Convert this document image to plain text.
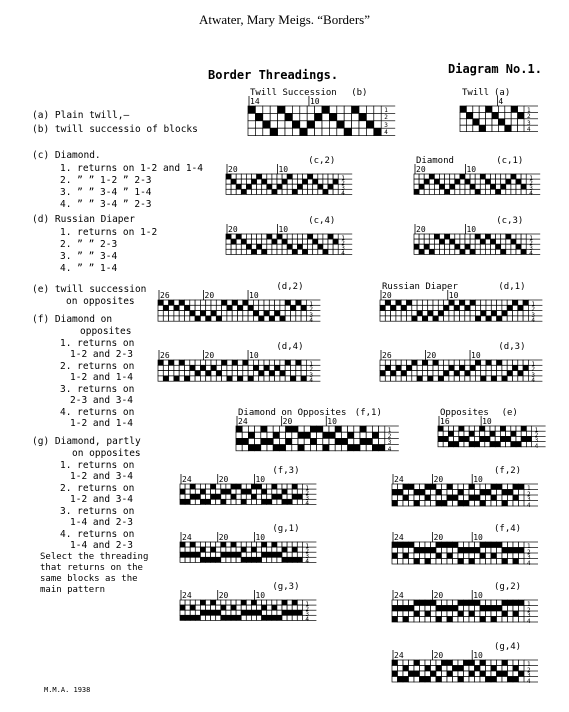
Atwater, Mary Meigs. “Borders”
Border Threadings.	Diagram No.1.
(a) Plain twill,—
(b) twill successio of blocks
(c) Diamond.
1. returns on 1-2 and 1-4
2. ” ” 1-2 ” 2-3
3. ” ” 3-4 ” 1-4
4. ” ” 3-4 ” 2-3
(d) Russian Diaper
1. returns on 1-2
2. ” ” 2-3
3. ” ” 3-4
4. ” ” 1-4
(e) twill succession
on opposites
(f) Diamond on
opposites
1. returns on
1-2 and 2-3
2. returns on
1-2 and 1-4
3. returns on
2-3 and 3-4
4. returns on
1-2 and 1-4
(g) Diamond, partly
on opposites
1. returns on
1-2 and 3-4
2. returns on
1-2 and 3-4
3. returns on
1-4 and 2-3
4. returns on
1-4 and 2-3
Select the threading
that returns on the
same blocks as the
main pattern
M.M.A. 1938
Twill Succession (b)
14	10
1
2
3
4
Twill (a)
4
1
2
3
4
(c,2)
20	10
1
2
3
4
Diamond	(c,1)
20	10
1
2
3
4
(c,4)
20	10
1
2
3
4
(c,3)
20	10
1
2
3
4
(d,2)
26	20	10
1
2
3
4
Russian Diaper	(d,1)
20	10
1
2
3
4
(d,4)
26	20	10
1
2
3
4
(d,3)
26	20	10
1
2
3
4
Diamond on Opposites (f,1)
24	20	10
1
2
3
4
Opposites (e)
16	10
1
2
3
4
(f,3)
24	20	10
1
2
3
4
(f,2)
24	20	10
1
2
3
4
(g,1)
24	20	10
1
2
3
4
(f,4)
24	20	10
1
2
3
4
(g,3)
24	20	10
1
2
3
4
(g,2)
24	20	10
1
2
3
4
(g,4)
24	20	10
1
2
3
4
